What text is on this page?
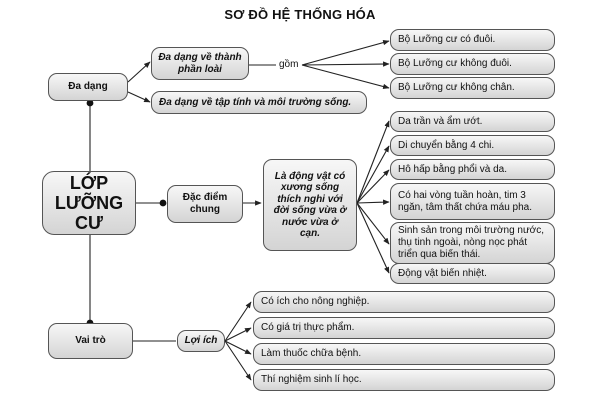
SƠ ĐỒ HỆ THỐNG HÓA
LỚP LƯỠNG CƯ
Đa dạng
Đa dạng về thành phần loài	gồm
Đa dạng về tập tính và môi trường sống.
Bộ Lưỡng cư có đuôi.
Bộ Lưỡng cư không đuôi.
Bộ Lưỡng cư không chân.
Đặc điểm chung
Là động vật có xương sống thích nghi với đời sống vừa ở nước vừa ở cạn.
Da trần và ẩm ướt.
Di chuyển bằng 4 chi.
Hô hấp bằng phổi và da.
Có hai vòng tuần hoàn, tim 3 ngăn, tâm thất chứa máu pha.
Sinh sản trong môi trường nước, thụ tinh ngoài, nòng nọc phát triển qua biến thái.
Động vật biến nhiệt.
Vai trò	Lợi ích
Có ích cho nông nghiệp.
Có giá trị thực phẩm.
Làm thuốc chữa bệnh.
Thí nghiệm sinh lí học.
